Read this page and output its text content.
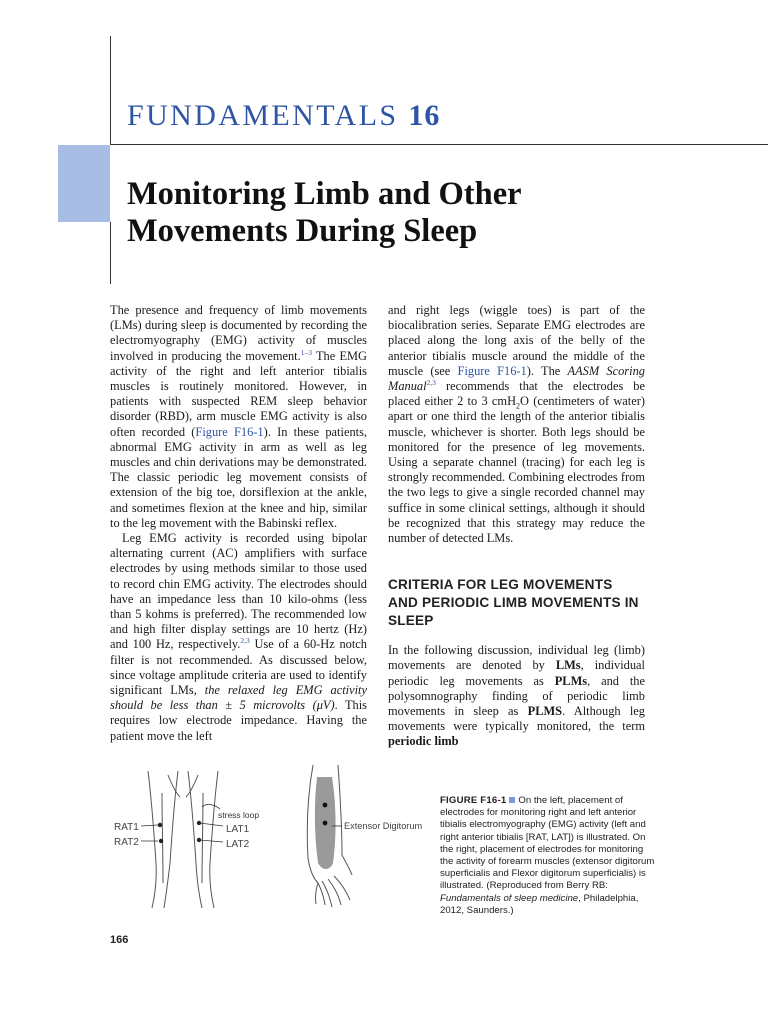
FUNDAMENTALS 16
Monitoring Limb and Other Movements During Sleep

The presence and frequency of limb movements (LMs) during sleep is documented by recording the electromyography (EMG) activity of muscles involved in producing the movement.$^{1-3}$ The EMG activity of the right and left anterior tibialis muscles is routinely monitored. However, in patients with suspected REM sleep behavior disorder (RBD), arm muscle EMG activity is also often recorded (Figure F16-1). In these patients, abnormal EMG activity in arm as well as leg muscles and chin derivations may be demonstrated. The classic periodic leg movement consists of extension of the big toe, dorsiflexion at the ankle, and sometimes flexion at the knee and hip, similar to the leg movement with the Babinski reflex.

Leg EMG activity is recorded using bipolar alternating current (AC) amplifiers with surface electrodes by using methods similar to those used to record chin EMG activity. The electrodes should have an impedance less than 10 kilo-ohms (less than 5 kohms is preferred). The recommended low and high filter display settings are 10 hertz (Hz) and 100 Hz, respectively.$^{2,3}$ Use of a 60-Hz notch filter is not recommended. As discussed below, since voltage amplitude criteria are used to identify significant LMs, the relaxed leg EMG activity should be less than ± 5 microvolts (μV). This requires low electrode impedance. Having the patient move the left

and right legs (wiggle toes) is part of the biocalibration series. Separate EMG electrodes are placed along the long axis of the belly of the anterior tibialis muscle around the middle of the muscle (see Figure F16-1). The AASM Scoring Manual$^{2,3}$ recommends that the electrodes be placed either 2 to 3 cmH$_2$O (centimeters of water) apart or one third the length of the anterior tibialis muscle, whichever is shorter. Both legs should be monitored for the presence of leg movements. Using a separate channel (tracing) for each leg is strongly recommended. Combining electrodes from the two legs to give a single recorded channel may suffice in some clinical settings, although it should be recognized that this strategy may reduce the number of detected LMs.

CRITERIA FOR LEG MOVEMENTS AND PERIODIC LIMB MOVEMENTS IN SLEEP

In the following discussion, individual leg (limb) movements are denoted by LMs, individual periodic leg movements as PLMs, and the polysomnography finding of periodic limb movements in sleep as PLMS. Although leg movements were typically monitored, the term periodic limb

stress loop
RAT1
RAT2
LAT1
LAT2
Extensor Digitorum
FIGURE F16-1 On the left, placement of electrodes for monitoring right and left anterior tibialis electromyography (EMG) activity (left and right anterior tibialis [RAT, LAT]) is illustrated. On the right, placement of electrodes for monitoring the activity of forearm muscles (extensor digitorum superficialis and Flexor digitorum superficialis) is illustrated. (Reproduced from Berry RB: Fundamentals of sleep medicine, Philadelphia, 2012, Saunders.)
166
